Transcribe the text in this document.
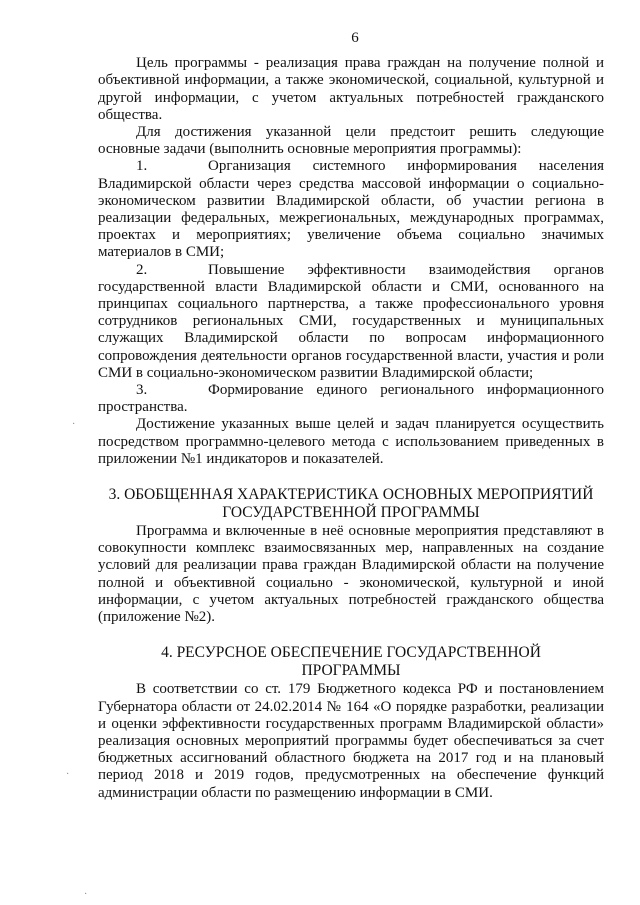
6

Цель программы - реализация права граждан на получение полной и объективной информации, а также экономической, социальной, культурной и другой информации, с учетом актуальных потребностей гражданского общества.

Для достижения указанной цели предстоит решить следующие основные задачи (выполнить основные мероприятия программы):

1.	Организация системного информирования населения Владимирской области через средства массовой информации о социально-экономическом развитии Владимирской области, об участии региона в реализации федеральных, межрегиональных, международных программах, проектах и мероприятиях; увеличение объема социально значимых материалов в СМИ;

2.	Повышение эффективности взаимодействия органов государственной власти Владимирской области и СМИ, основанного на принципах социального партнерства, а также профессионального уровня сотрудников региональных СМИ, государственных и муниципальных служащих Владимирской области по вопросам информационного сопровождения деятельности органов государственной власти, участия и роли СМИ в социально-экономическом развитии Владимирской области;

3.	Формирование единого регионального информационного пространства.

Достижение указанных выше целей и задач планируется осуществить посредством программно-целевого метода с использованием приведенных в приложении №1 индикаторов и показателей.

3. ОБОБЩЕННАЯ ХАРАКТЕРИСТИКА ОСНОВНЫХ МЕРОПРИЯТИЙ
ГОСУДАРСТВЕННОЙ ПРОГРАММЫ

Программа и включенные в неё основные мероприятия представляют в совокупности комплекс взаимосвязанных мер, направленных на создание условий для реализации права граждан Владимирской области на получение полной и объективной социально - экономической, культурной и иной информации, с учетом актуальных потребностей гражданского общества (приложение №2).

4. РЕСУРСНОЕ ОБЕСПЕЧЕНИЕ ГОСУДАРСТВЕННОЙ
ПРОГРАММЫ

В соответствии со ст. 179 Бюджетного кодекса РФ и постановлением Губернатора области от 24.02.2014 № 164 «О порядке разработки, реализации и оценки эффективности государственных программ Владимирской области» реализация основных мероприятий программы будет обеспечиваться за счет бюджетных ассигнований областного бюджета на 2017 год и на плановый период 2018 и 2019 годов, предусмотренных на обеспечение функций администрации области по размещению информации в СМИ.

·
·
·
